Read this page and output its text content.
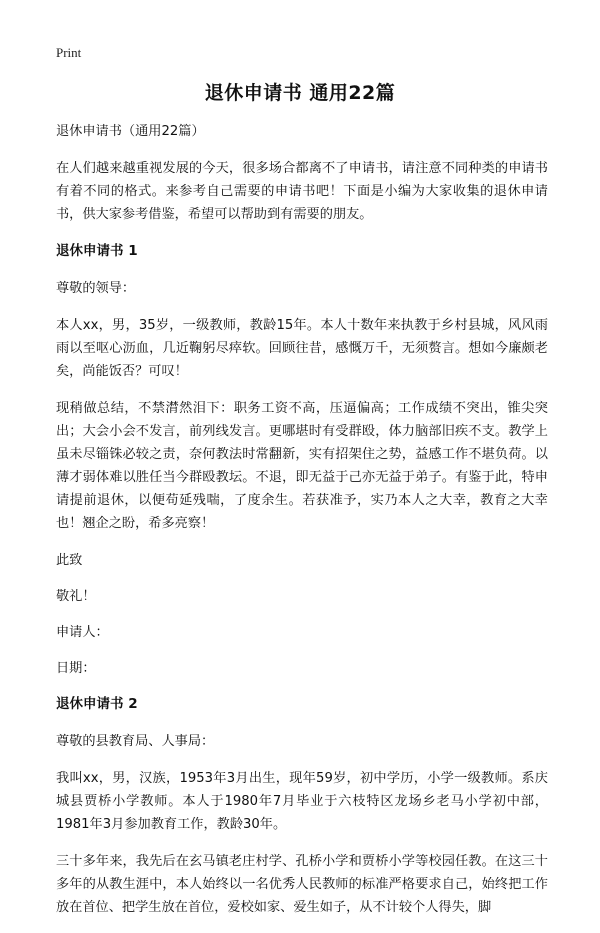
Print
退休申请书 通用22篇

退休申请书（通用22篇）

在人们越来越重视发展的今天，很多场合都离不了申请书，请注意不同种类的申请书有着不同的格式。来参考自己需要的申请书吧！下面是小编为大家收集的退休申请书，供大家参考借鉴，希望可以帮助到有需要的朋友。

退休申请书 1

尊敬的领导：

本人xx，男，35岁，一级教师，教龄15年。本人十数年来执教于乡村县城，风风雨雨以至呕心沥血，几近鞠躬尽瘁软。回顾往昔，感慨万千，无须赘言。想如今廉颇老矣，尚能饭否？可叹！

现稍做总结，不禁潸然泪下：职务工资不高，压逼偏高；工作成绩不突出，锥尖突出；大会小会不发言，前列线发言。更哪堪时有受群殴，体力脑部旧疾不支。教学上虽未尽锱铢必较之责，奈何教法时常翻新，实有招架住之势，益感工作不堪负荷。以薄才弱体难以胜任当今群殴教坛。不退，即无益于己亦无益于弟子。有鉴于此，特申请提前退休，以便苟延残喘，了度余生。若获准予，实乃本人之大幸，教育之大幸也！翘企之盼，希多亮察！

此致

敬礼！

申请人：

日期：

退休申请书 2

尊敬的县教育局、人事局：

我叫xx，男，汉族，1953年3月出生，现年59岁，初中学历，小学一级教师。系庆城县贾桥小学教师。本人于1980年7月毕业于六枝特区龙场乡老马小学初中部，1981年3月参加教育工作，教龄30年。

三十多年来，我先后在玄马镇老庄村学、孔桥小学和贾桥小学等校园任教。在这三十多年的从教生涯中，本人始终以一名优秀人民教师的标准严格要求自己，始终把工作放在首位、把学生放在首位，爱校如家、爱生如子，从不计较个人得失，脚
